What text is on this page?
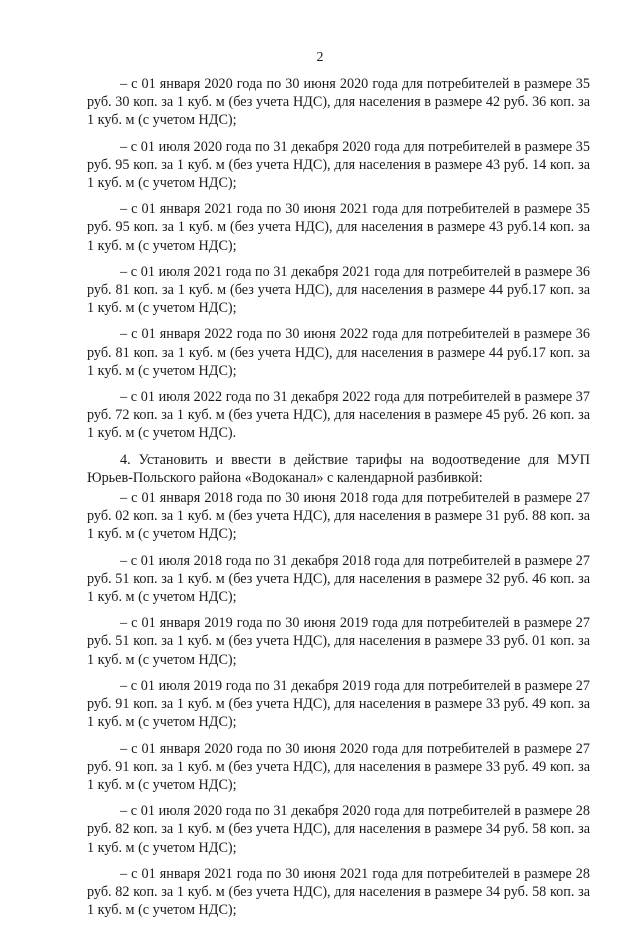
2

– с 01 января 2020 года по 30 июня 2020 года для потребителей в размере 35 руб. 30 коп. за 1 куб. м (без учета НДС), для населения в размере 42 руб. 36 коп. за 1 куб. м (с учетом НДС);

– с 01 июля 2020 года по 31 декабря 2020 года для потребителей в размере 35 руб. 95 коп. за 1 куб. м (без учета НДС), для населения в размере 43 руб. 14 коп. за 1 куб. м (с учетом НДС);

– с 01 января 2021 года по 30 июня 2021 года для потребителей в размере 35 руб. 95 коп. за 1 куб. м (без учета НДС), для населения в размере 43 руб.14 коп. за 1 куб. м (с учетом НДС);

– с 01 июля 2021 года по 31 декабря 2021 года для потребителей в размере 36 руб. 81 коп. за 1 куб. м (без учета НДС), для населения в размере 44 руб.17 коп. за 1 куб. м (с учетом НДС);

– с 01 января 2022 года по 30 июня 2022 года для потребителей в размере 36 руб. 81 коп. за 1 куб. м (без учета НДС), для населения в размере 44 руб.17 коп. за 1 куб. м (с учетом НДС);

– с 01 июля 2022 года по 31 декабря 2022 года для потребителей в размере 37 руб. 72 коп. за 1 куб. м (без учета НДС), для населения в размере 45 руб. 26 коп. за 1 куб. м (с учетом НДС).

4. Установить и ввести в действие тарифы на водоотведение для МУП Юрьев-Польского района «Водоканал» с календарной разбивкой:

– с 01 января 2018 года по 30 июня 2018 года для потребителей в размере 27 руб. 02 коп. за 1 куб. м (без учета НДС), для населения в размере 31 руб. 88 коп. за 1 куб. м (с учетом НДС);

– с 01 июля 2018 года по 31 декабря 2018 года для потребителей в размере 27 руб. 51 коп. за 1 куб. м (без учета НДС), для населения в размере 32 руб. 46 коп. за 1 куб. м (с учетом НДС);

– с 01 января 2019 года по 30 июня 2019 года для потребителей в размере 27 руб. 51 коп. за 1 куб. м (без учета НДС), для населения в размере 33 руб. 01 коп. за 1 куб. м (с учетом НДС);

– с 01 июля 2019 года по 31 декабря 2019 года для потребителей в размере 27 руб. 91 коп. за 1 куб. м (без учета НДС), для населения в размере 33 руб. 49 коп. за 1 куб. м (с учетом НДС);

– с 01 января 2020 года по 30 июня 2020 года для потребителей в размере 27 руб. 91 коп. за 1 куб. м (без учета НДС), для населения в размере 33 руб. 49 коп. за 1 куб. м (с учетом НДС);

– с 01 июля 2020 года по 31 декабря 2020 года для потребителей в размере 28 руб. 82 коп. за 1 куб. м (без учета НДС), для населения в размере 34 руб. 58 коп. за 1 куб. м (с учетом НДС);

– с 01 января 2021 года по 30 июня 2021 года для потребителей в размере 28 руб. 82 коп. за 1 куб. м (без учета НДС), для населения в размере 34 руб. 58 коп. за 1 куб. м (с учетом НДС);
